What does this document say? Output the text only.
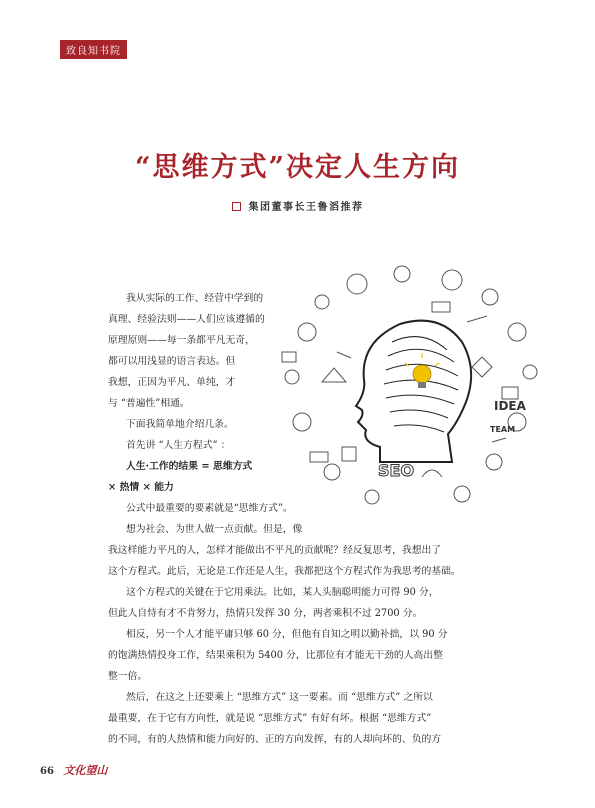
致良知书院
“思维方式”决定人生方向
集团董事长王鲁滔推荐
SEO
IDEA
TEAM
我从实际的工作、经营中学到的
真理、经验法则——人们应该遵循的
原理原则——每一条都平凡无奇，
都可以用浅显的语言表达。但
我想，正因为平凡、单纯，才
与 “普遍性”相通。
下面我简单地介绍几条。
首先讲 “人生方程式” ：
人生·工作的结果 = 思维方式
× 热情 × 能力
公式中最重要的要素就是“思维方式”。
想为社会、为世人做一点贡献。但是，像
我这样能力平凡的人，怎样才能做出不平凡的贡献呢？经反复思考，我想出了
这个方程式。此后，无论是工作还是人生，我都把这个方程式作为我思考的基础。
这个方程式的关键在于它用乘法。比如，某人头脑聪明能力可得 90 分，
但此人自恃有才不肯努力，热情只发挥 30 分，两者乘积不过 2700 分。
相反，另一个人才能平庸只够 60 分，但他有自知之明以勤补拙，以 90 分
的饱满热情投身工作，结果乘积为 5400 分，比那位有才能无干劲的人高出整
整一倍。
然后，在这之上还要乘上 “思维方式” 这一要素。而 “思维方式” 之所以
最重要，在于它有方向性，就是说 “思维方式” 有好有坏。根据 “思维方式”
的不同，有的人热情和能力向好的、正的方向发挥，有的人却向坏的、负的方
66 文化望山
